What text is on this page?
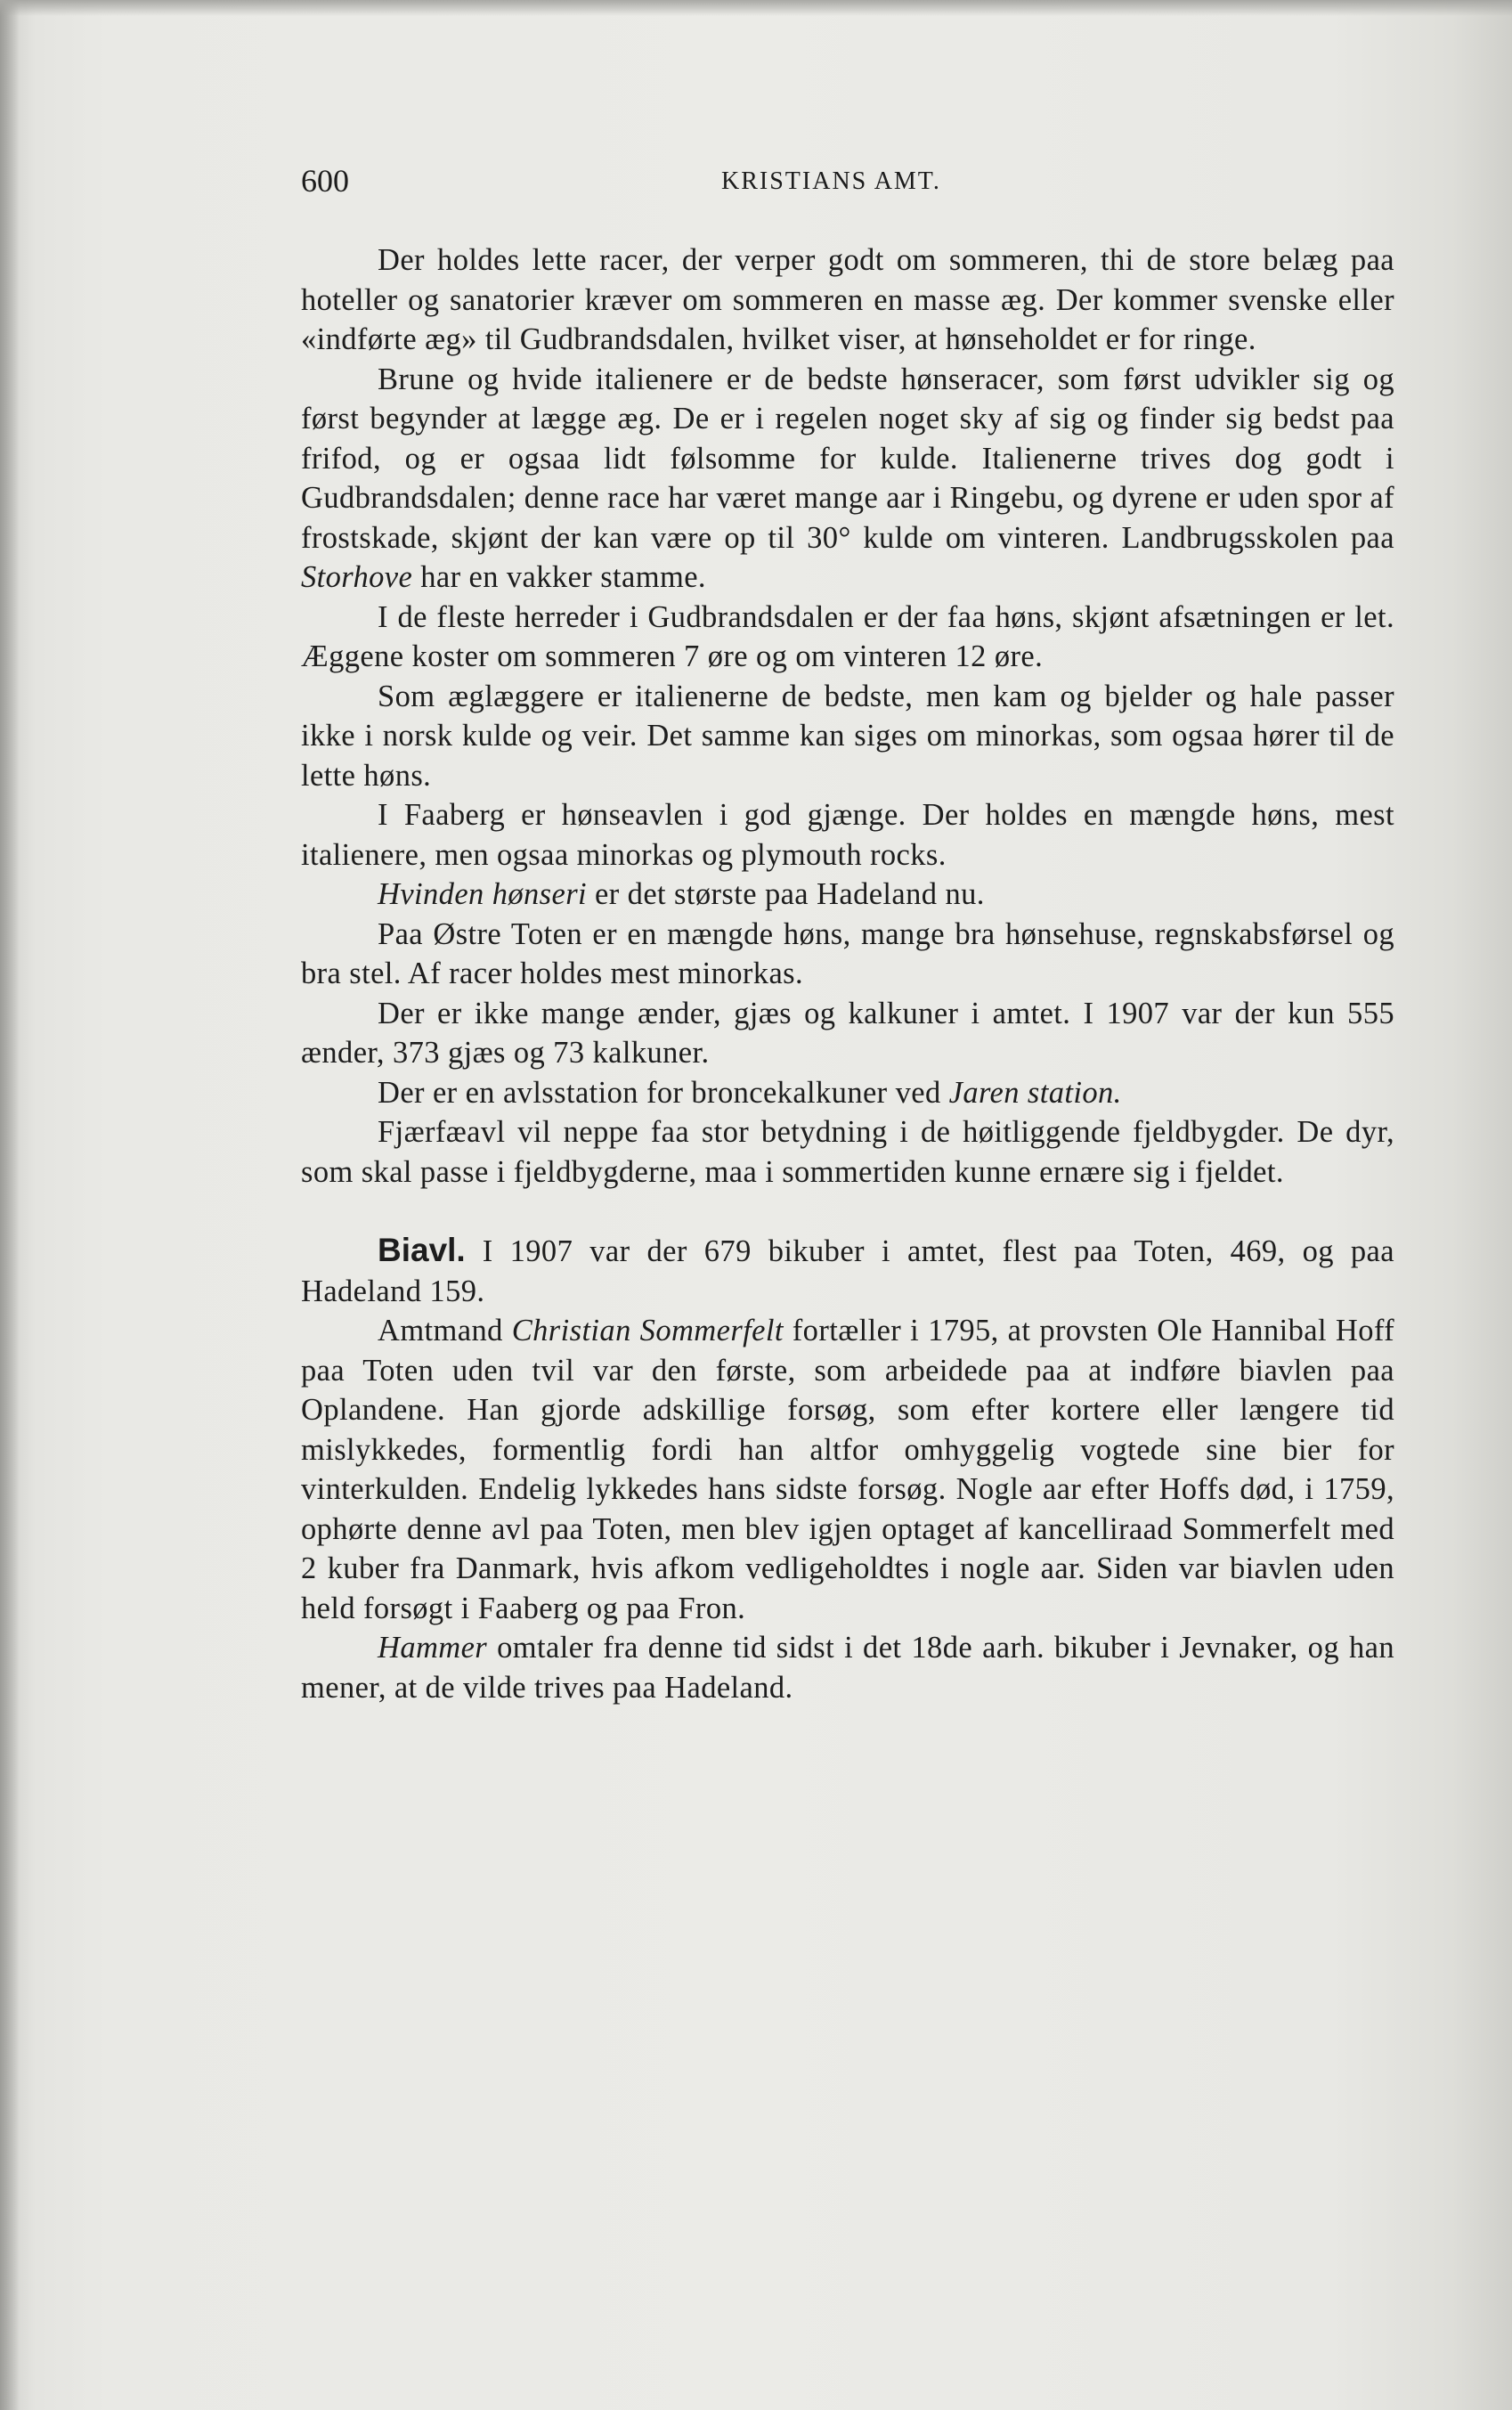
600	KRISTIANS AMT.

Der holdes lette racer, der verper godt om sommeren, thi de store belæg paa hoteller og sanatorier kræver om sommeren en masse æg. Der kommer svenske eller «indførte æg» til Gudbrandsdalen, hvilket viser, at hønseholdet er for ringe.

Brune og hvide italienere er de bedste hønseracer, som først udvikler sig og først begynder at lægge æg. De er i regelen noget sky af sig og finder sig bedst paa frifod, og er ogsaa lidt følsomme for kulde. Italienerne trives dog godt i Gudbrandsdalen; denne race har været mange aar i Ringebu, og dyrene er uden spor af frostskade, skjønt der kan være op til 30° kulde om vinteren. Landbrugsskolen paa Storhove har en vakker stamme.

I de fleste herreder i Gudbrandsdalen er der faa høns, skjønt afsætningen er let. Æggene koster om sommeren 7 øre og om vinteren 12 øre.

Som æglæggere er italienerne de bedste, men kam og bjelder og hale passer ikke i norsk kulde og veir. Det samme kan siges om minorkas, som ogsaa hører til de lette høns.

I Faaberg er hønseavlen i god gjænge. Der holdes en mængde høns, mest italienere, men ogsaa minorkas og plymouth rocks.

Hvinden hønseri er det største paa Hadeland nu.

Paa Østre Toten er en mængde høns, mange bra hønsehuse, regnskabsførsel og bra stel. Af racer holdes mest minorkas.

Der er ikke mange ænder, gjæs og kalkuner i amtet. I 1907 var der kun 555 ænder, 373 gjæs og 73 kalkuner.

Der er en avlsstation for broncekalkuner ved Jaren station.

Fjærfæavl vil neppe faa stor betydning i de høitliggende fjeldbygder. De dyr, som skal passe i fjeldbygderne, maa i sommertiden kunne ernære sig i fjeldet.

Biavl. I 1907 var der 679 bikuber i amtet, flest paa Toten, 469, og paa Hadeland 159.

Amtmand Christian Sommerfelt fortæller i 1795, at provsten Ole Hannibal Hoff paa Toten uden tvil var den første, som arbeidede paa at indføre biavlen paa Oplandene. Han gjorde adskillige forsøg, som efter kortere eller længere tid mislykkedes, formentlig fordi han altfor omhyggelig vogtede sine bier for vinterkulden. Endelig lykkedes hans sidste forsøg. Nogle aar efter Hoffs død, i 1759, ophørte denne avl paa Toten, men blev igjen optaget af kancelliraad Sommerfelt med 2 kuber fra Danmark, hvis afkom vedligeholdtes i nogle aar. Siden var biavlen uden held forsøgt i Faaberg og paa Fron.

Hammer omtaler fra denne tid sidst i det 18de aarh. bikuber i Jevnaker, og han mener, at de vilde trives paa Hadeland.
